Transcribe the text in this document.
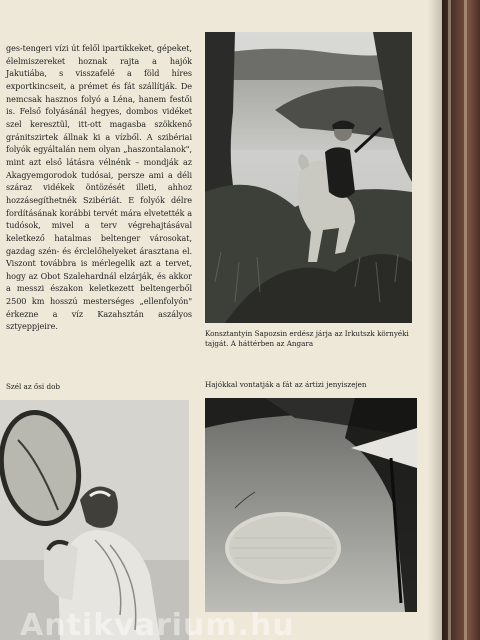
ges-tengeri vízi út felől ipartikkeket, gépeket, élelmiszereket hoznak rajta a hajók Jakutiába, s visszafelé a föld híres exportkincseit, a prémet és fát szállítják. De nemcsak hasznos folyó a Léna, hanem festői is. Felső folyásánál hegyes, dombos vidéket szel keresztül, itt-ott magasba szökkenő gránitszirtek állnak ki a vízből. A szibériai folyók egyáltalán nem olyan „haszontalanok", mint azt első látásra vélnénk – mondják az Akagyemgorodok tudósai, persze ami a déli száraz vidékek öntözését illeti, ahhoz hozzásegíthetnék Szibériát. E folyók délre fordításának korábbi tervét mára elvetették a tudósok, mivel a terv végrehajtásával keletkező hatalmas beltenger városokat, gazdag szén- és érclelőhelyeket árasztana el. Viszont továbbra is mérlegelik azt a tervet, hogy az Obot Szalehardnál elzárják, és akkor a messzi északon keletkezett beltengerből 2500 km hosszú mesterséges „ellenfolyón" érkezne a víz Kazahsztán aszályos sztyeppjeire.

Konsztantyin Sapozsin erdész járja az Irkutszk környéki tajgát. A háttérben az Angara

Szél az ősi dob	Hajókkal vontatják a fát az ártizi jenyiszejen

Antikvarium.hu
